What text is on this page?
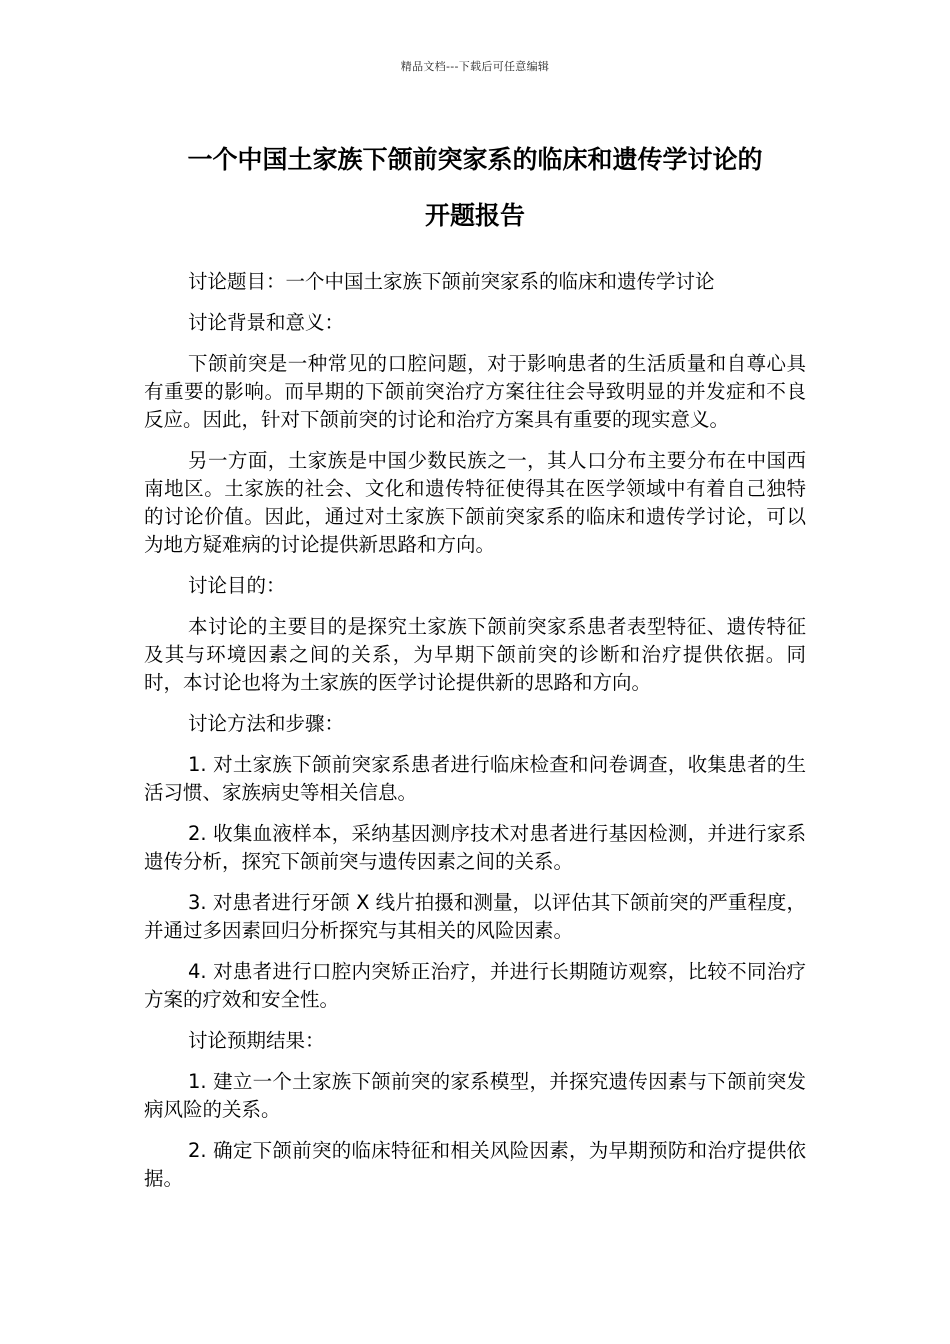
精品文档---下载后可任意编辑
一个中国土家族下颌前突家系的临床和遗传学讨论的
开题报告

讨论题目：一个中国土家族下颌前突家系的临床和遗传学讨论

讨论背景和意义：

下颌前突是一种常见的口腔问题，对于影响患者的生活质量和自尊心具有重要的影响。而早期的下颌前突治疗方案往往会导致明显的并发症和不良反应。因此，针对下颌前突的讨论和治疗方案具有重要的现实意义。

另一方面，土家族是中国少数民族之一，其人口分布主要分布在中国西南地区。土家族的社会、文化和遗传特征使得其在医学领域中有着自己独特的讨论价值。因此，通过对土家族下颌前突家系的临床和遗传学讨论，可以为地方疑难病的讨论提供新思路和方向。

讨论目的：

本讨论的主要目的是探究土家族下颌前突家系患者表型特征、遗传特征及其与环境因素之间的关系，为早期下颌前突的诊断和治疗提供依据。同时，本讨论也将为土家族的医学讨论提供新的思路和方向。

讨论方法和步骤：

1. 对土家族下颌前突家系患者进行临床检查和问卷调查，收集患者的生活习惯、家族病史等相关信息。

2. 收集血液样本，采纳基因测序技术对患者进行基因检测，并进行家系遗传分析，探究下颌前突与遗传因素之间的关系。

3. 对患者进行牙颌 X 线片拍摄和测量，以评估其下颌前突的严重程度，并通过多因素回归分析探究与其相关的风险因素。

4. 对患者进行口腔内突矫正治疗，并进行长期随访观察，比较不同治疗方案的疗效和安全性。

讨论预期结果：

1. 建立一个土家族下颌前突的家系模型，并探究遗传因素与下颌前突发病风险的关系。

2. 确定下颌前突的临床特征和相关风险因素，为早期预防和治疗提供依据。
